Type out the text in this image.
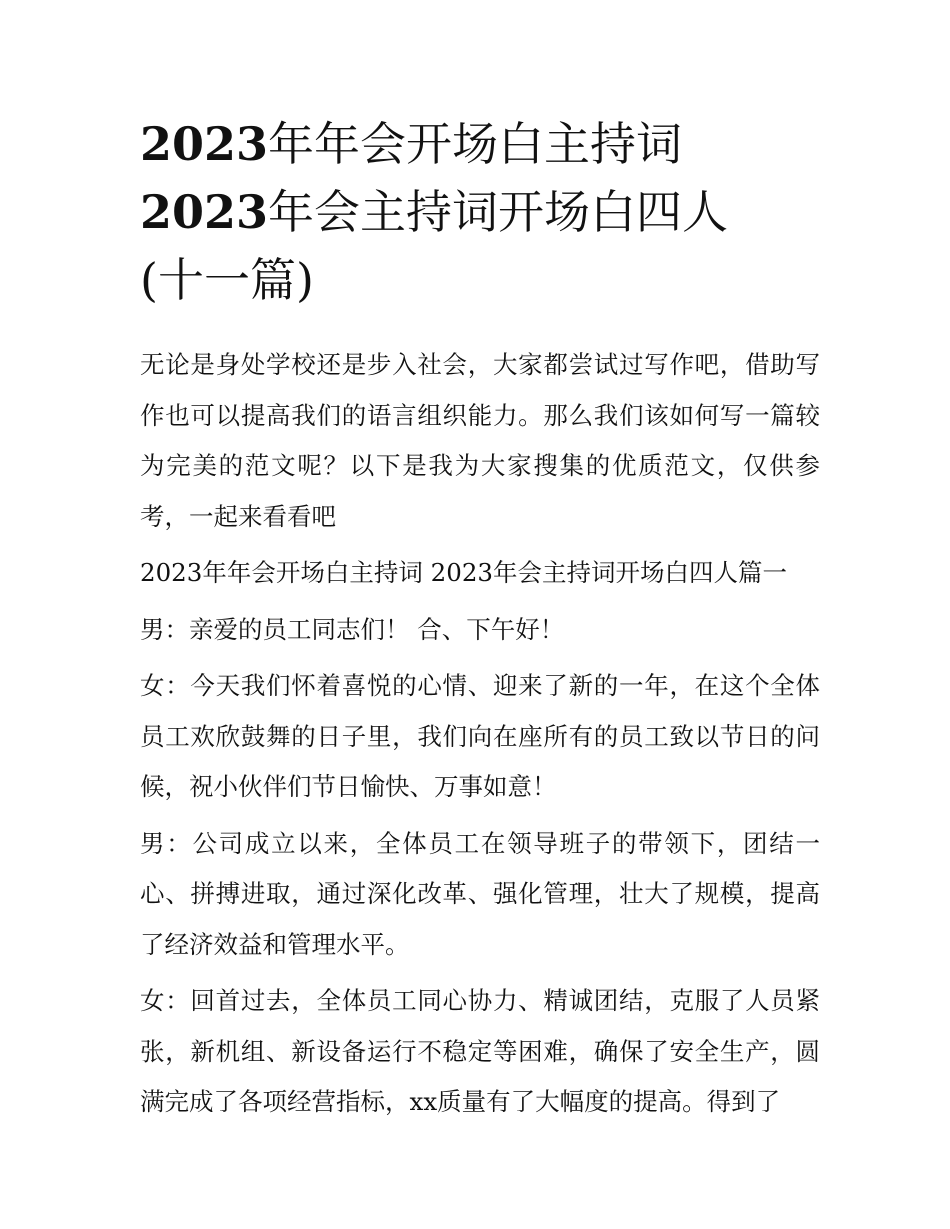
2023年年会开场白主持词
2023年会主持词开场白四人
(十一篇)

无论是身处学校还是步入社会，大家都尝试过写作吧，借助写作也可以提高我们的语言组织能力。那么我们该如何写一篇较为完美的范文呢？以下是我为大家搜集的优质范文，仅供参考，一起来看看吧

2023年年会开场白主持词 2023年会主持词开场白四人篇一

男：亲爱的员工同志们！ 合、下午好！

女：今天我们怀着喜悦的心情、迎来了新的一年，在这个全体员工欢欣鼓舞的日子里，我们向在座所有的员工致以节日的问候，祝小伙伴们节日愉快、万事如意！

男：公司成立以来，全体员工在领导班子的带领下，团结一心、拼搏进取，通过深化改革、强化管理，壮大了规模，提高了经济效益和管理水平。

女：回首过去，全体员工同心协力、精诚团结，克服了人员紧张，新机组、新设备运行不稳定等困难，确保了安全生产，圆满完成了各项经营指标，xx质量有了大幅度的提高。得到了
